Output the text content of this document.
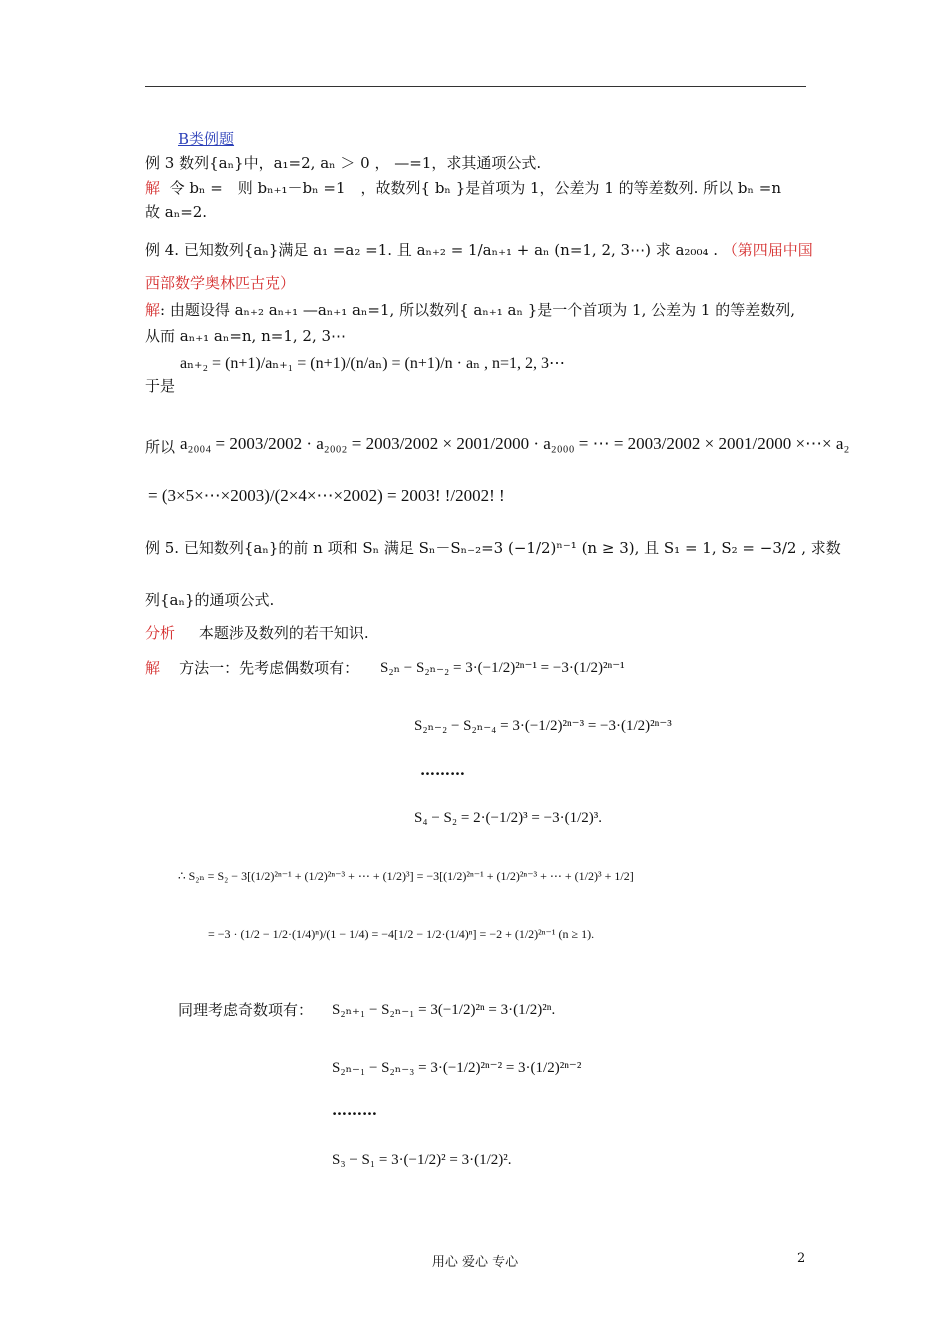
B类例题
例 3 数列{aₙ}中，a₁=2, aₙ ＞ 0 ， —=1，求其通项公式.
解 令 bₙ =　则 bₙ₊₁－bₙ =1　，故数列{ bₙ }是首项为 1，公差为 1 的等差数列. 所以 bₙ =n
故 aₙ=2.
例 4. 已知数列{aₙ}满足 a₁ =a₂ =1. 且 aₙ₊₂ = 1/aₙ₊₁ + aₙ (n=1, 2, 3⋯) 求 a₂₀₀₄ . （第四届中国
西部数学奥林匹古克）
解: 由题设得 aₙ₊₂ aₙ₊₁ —aₙ₊₁ aₙ=1, 所以数列{ aₙ₊₁ aₙ }是一个首项为 1, 公差为 1 的等差数列,
从而 aₙ₊₁ aₙ=n, n=1, 2, 3⋯
于是
aₙ₊₂ = (n+1)/aₙ₊₁ = (n+1)/(n/aₙ) = (n+1)/n · aₙ , n=1, 2, 3⋯
所以 a₂₀₀₄ = 2003/2002 · a₂₀₀₂ = 2003/2002 × 2001/2000 · a₂₀₀₀ = ⋯ = 2003/2002 × 2001/2000 ×⋯× a₂
= (3×5×⋯×2003)/(2×4×⋯×2002) = 2003! !/2002! !
例 5. 已知数列{aₙ}的前 n 项和 Sₙ 满足 Sₙ－Sₙ₋₂=3 (−1/2)ⁿ⁻¹ (n ≥ 3), 且 S₁ = 1, S₂ = −3/2 , 求数
列{aₙ}的通项公式.
分析 本题涉及数列的若干知识.
解 方法一：先考虑偶数项有： S₂ₙ − S₂ₙ₋₂ = 3·(−1/2)²ⁿ⁻¹ = −3·(1/2)²ⁿ⁻¹
S₂ₙ₋₂ − S₂ₙ₋₄ = 3·(−1/2)²ⁿ⁻³ = −3·(1/2)²ⁿ⁻³
………
S₄ − S₂ = 2·(−1/2)³ = −3·(1/2)³.
∴ S₂ₙ = S₂ − 3[(1/2)²ⁿ⁻¹ + (1/2)²ⁿ⁻³ + ⋯ + (1/2)³] = −3[(1/2)²ⁿ⁻¹ + (1/2)²ⁿ⁻³ + ⋯ + (1/2)³ + 1/2]
= −3 · (1/2 − 1/2·(1/4)ⁿ)/(1 − 1/4) = −4[1/2 − 1/2·(1/4)ⁿ] = −2 + (1/2)²ⁿ⁻¹ (n ≥ 1).
同理考虑奇数项有： S₂ₙ₊₁ − S₂ₙ₋₁ = 3(−1/2)²ⁿ = 3·(1/2)²ⁿ.
S₂ₙ₋₁ − S₂ₙ₋₃ = 3·(−1/2)²ⁿ⁻² = 3·(1/2)²ⁿ⁻²
………
S₃ − S₁ = 3·(−1/2)² = 3·(1/2)².
用心 爱心 专心	2
